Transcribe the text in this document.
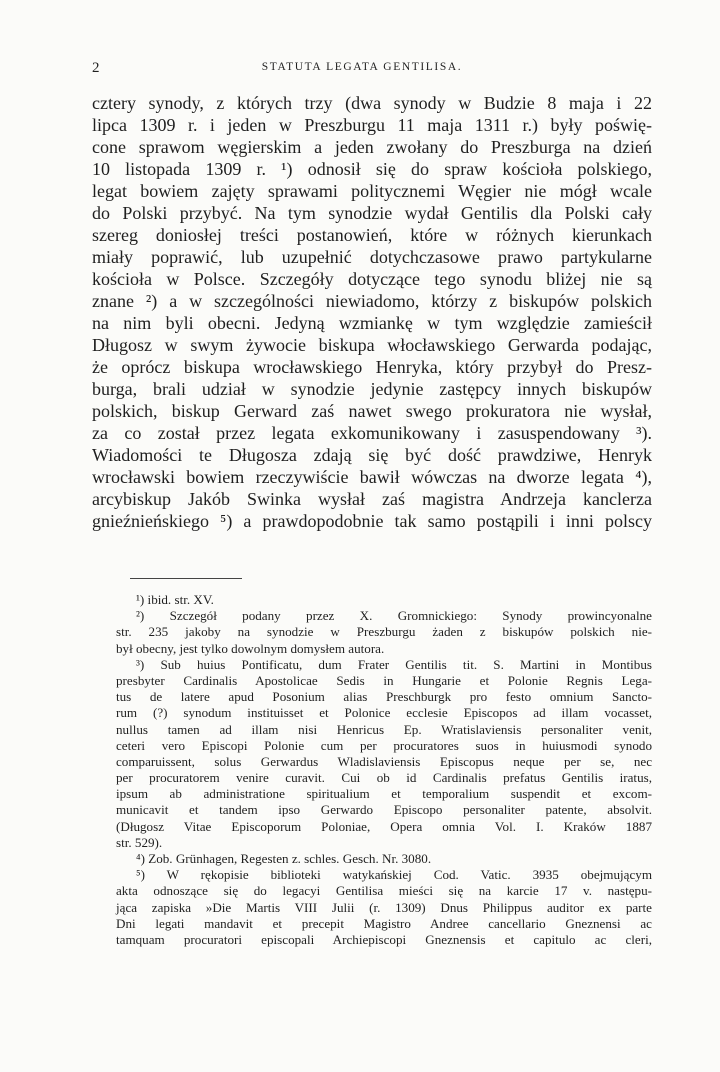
2	STATUTA LEGATA GENTILISA.
cztery synody, z których trzy (dwa synody w Budzie 8 maja i 22
lipca 1309 r. i jeden w Preszburgu 11 maja 1311 r.) były poświę-
cone sprawom węgierskim a jeden zwołany do Preszburga na dzień
10 listopada 1309 r. ¹) odnosił się do spraw kościoła polskiego,
legat bowiem zajęty sprawami politycznemi Węgier nie mógł wcale
do Polski przybyć. Na tym synodzie wydał Gentilis dla Polski cały
szereg doniosłej treści postanowień, które w różnych kierunkach
miały poprawić, lub uzupełnić dotychczasowe prawo partykularne
kościoła w Polsce. Szczegóły dotyczące tego synodu bliżej nie są
znane ²) a w szczególności niewiadomo, którzy z biskupów polskich
na nim byli obecni. Jedyną wzmiankę w tym względzie zamieścił
Długosz w swym żywocie biskupa włocławskiego Gerwarda podając,
że oprócz biskupa wrocławskiego Henryka, który przybył do Presz-
burga, brali udział w synodzie jedynie zastępcy innych biskupów
polskich, biskup Gerward zaś nawet swego prokuratora nie wysłał,
za co został przez legata exkomunikowany i zasuspendowany ³).
Wiadomości te Długosza zdają się być dość prawdziwe, Henryk
wrocławski bowiem rzeczywiście bawił wówczas na dworze legata ⁴),
arcybiskup Jakób Swinka wysłał zaś magistra Andrzeja kanclerza
gnieźnieńskiego ⁵) a prawdopodobnie tak samo postąpili i inni polscy
¹) ibid. str. XV.
²) Szczegół podany przez X. Gromnickiego: Synody prowincyonalne
str. 235 jakoby na synodzie w Preszburgu żaden z biskupów polskich nie-
był obecny, jest tylko dowolnym domysłem autora.
³) Sub huius Pontificatu, dum Frater Gentilis tit. S. Martini in Montibus
presbyter Cardinalis Apostolicae Sedis in Hungarie et Polonie Regnis Lega-
tus de latere apud Posonium alias Preschburgk pro festo omnium Sancto-
rum (?) synodum instituisset et Polonice ecclesie Episcopos ad illam vocasset,
nullus tamen ad illam nisi Henricus Ep. Wratislaviensis personaliter venit,
ceteri vero Episcopi Polonie cum per procuratores suos in huiusmodi synodo
comparuissent, solus Gerwardus Wladislaviensis Episcopus neque per se, nec
per procuratorem venire curavit. Cui ob id Cardinalis prefatus Gentilis iratus,
ipsum ab administratione spiritualium et temporalium suspendit et excom-
municavit et tandem ipso Gerwardo Episcopo personaliter patente, absolvit.
(Długosz Vitae Episcoporum Poloniae, Opera omnia Vol. I. Kraków 1887
str. 529).
⁴) Zob. Grünhagen, Regesten z. schles. Gesch. Nr. 3080.
⁵) W rękopisie biblioteki watykańskiej Cod. Vatic. 3935 obejmującym
akta odnoszące się do legacyi Gentilisa mieści się na karcie 17 v. następu-
jąca zapiska »Die Martis VIII Julii (r. 1309) Dnus Philippus auditor ex parte
Dni legati mandavit et precepit Magistro Andree cancellario Gneznensi ac
tamquam procuratori episcopali Archiepiscopi Gneznensis et capitulo ac cleri,
